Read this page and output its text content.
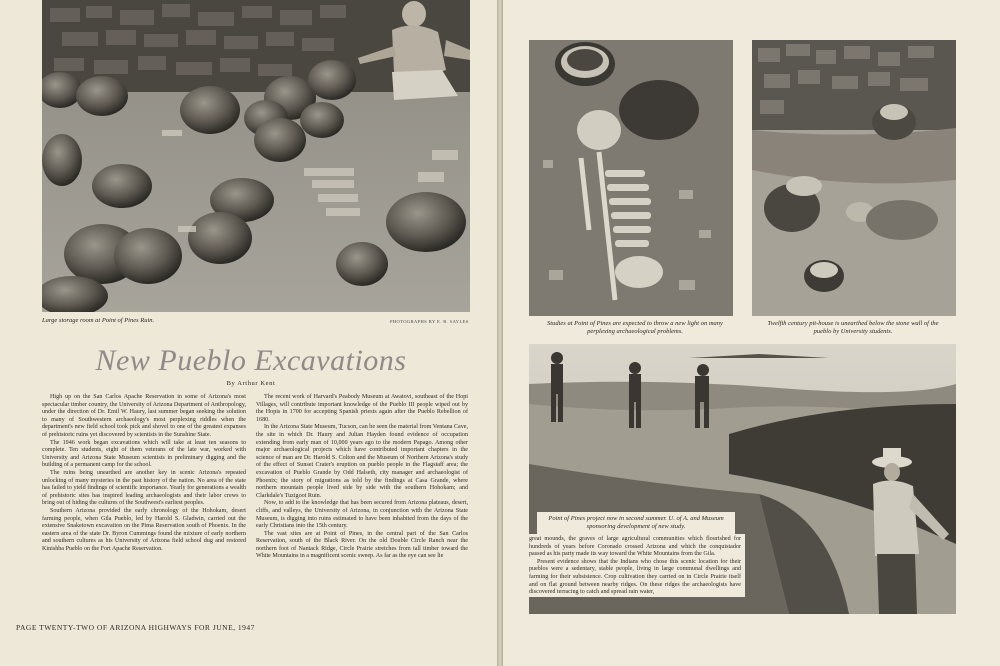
Large storage room at Point of Pines Ruin.	PHOTOGRAPHS BY E. B. SAYLES
New Pueblo Excavations
By Arthur Kent

High up on the San Carlos Apache Reservation in some of Arizona's most spectacular timber country, the University of Arizona Department of Anthropology, under the direction of Dr. Emil W. Haury, last summer began seeking the solution to many of Southwestern archaeology's most perplexing riddles when the department's new field school took pick and shovel to one of the greatest expanses of prehistoric ruins yet discovered by scientists in the Sunshine State.

The 1946 work began excavations which will take at least ten seasons to complete. Ten students, eight of them veterans of the late war, worked with University and Arizona State Museum scientists in preliminary digging and the building of a permanent camp for the school.

The ruins being unearthed are another key in scenic Arizona's repeated unlocking of many mysteries in the past history of the nation. No area of the state has failed to yield findings of scientific importance. Yearly for generations a wealth of prehistoric sites has inspired leading archaeologists and their labor crews to bring out of hiding the cultures of the Southwest's earliest peoples.

Southern Arizona provided the early chronology of the Hohokam, desert farming people, when Gila Pueblo, led by Harold S. Gladwin, carried out the extensive Snaketown excavation on the Pima Reservation south of Phoenix. In the eastern area of the state Dr. Byron Cummings found the mixture of early northern and southern cultures as his University of Arizona field school dug and restored Kinishba Pueblo on the Fort Apache Reservation.

The recent work of Harvard's Peabody Museum at Awatovi, southeast of the Hopi Villages, will contribute important knowledge of the Pueblo III people wiped out by the Hopis in 1700 for accepting Spanish priests again after the Pueblo Rebellion of 1680.

In the Arizona State Museum, Tucson, can be seen the material from Ventana Cave, the site in which Dr. Haury and Julian Hayden found evidence of occupation extending from early man of 10,000 years ago to the modern Papago. Among other major archaeological projects which have contributed important chapters in the science of man are Dr. Harold S. Colton and the Museum of Northern Arizona's study of the effect of Sunset Crater's eruption on pueblo people in the Flagstaff area; the excavation of Pueblo Grande by Odd Halseth, city manager and archaeologist of Phoenix; the story of migrations as told by the findings at Casa Grande, where northern mountain people lived side by side with the southern Hohokam; and Clarkdale's Tuzigoot Ruin.

Now, to add to the knowledge that has been secured from Arizona plateaus, desert, cliffs, and valleys, the University of Arizona, in conjunction with the Arizona State Museum, is digging into ruins estimated to have been inhabited from the days of the early Christians into the 15th century.

The vast sites are at Point of Pines, in the central part of the San Carlos Reservation, south of the Black River. On the old Double Circle Ranch near the northern foot of Nantack Ridge, Circle Prairie stretches from tall timber toward the White Mountains in a magnificent scenic sweep. As far as the eye can see lie

PAGE TWENTY-TWO OF ARIZONA HIGHWAYS FOR JUNE, 1947
Studies at Point of Pines are expected to throw a new light on many perplexing archaeological problems.
Twelfth century pit-house is unearthed below the stone wall of the pueblo by University students.
Point of Pines project now in second summer. U. of A. and Museum sponsoring development of new study.

great mounds, the graves of large agricultural communities which flourished for hundreds of years before Coronado crossed Arizona and which the conquistador passed as his party made its way toward the White Mountains from the Gila.

Present evidence shows that the Indians who chose this scenic location for their pueblos were a sedentary, stable people, living in large communal dwellings and farming for their subsistence. Crop cultivation they carried on in Circle Prairie itself and on flat ground between nearby ridges. On these ridges the archaeologists have discovered terracing to catch and spread rain water,
